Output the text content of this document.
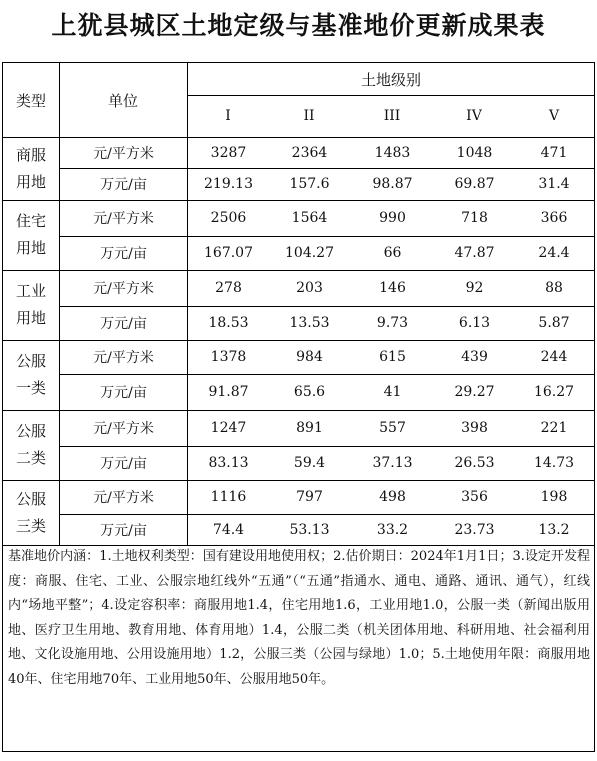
上犹县城区土地定级与基准地价更新成果表
类型	单位
土地级别
I	II	III	IV	V
商服
用地
元/平方米	3287	2364	1483	1048	471
万元/亩	219.13	157.6	98.87	69.87	31.4
住宅
用地
元/平方米	2506	1564	990	718	366
万元/亩	167.07	104.27	66	47.87	24.4
工业
用地
元/平方米	278	203	146	92	88
万元/亩	18.53	13.53	9.73	6.13	5.87
公服
一类
元/平方米	1378	984	615	439	244
万元/亩	91.87	65.6	41	29.27	16.27
公服
二类
元/平方米	1247	891	557	398	221
万元/亩	83.13	59.4	37.13	26.53	14.73
公服
三类
元/平方米	1116	797	498	356	198
万元/亩	74.4	53.13	33.2	23.73	13.2
基准地价内涵：1.土地权利类型：国有建设用地使用权；2.估价期日：2024年1月1日；3.设定开发程度：商服、住宅、工业、公服宗地红线外“五通”（“五通”指通水、通电、通路、通讯、通气），红线内“场地平整”；4.设定容积率：商服用地1.4，住宅用地1.6，工业用地1.0，公服一类（新闻出版用地、医疗卫生用地、教育用地、体育用地）1.4，公服二类（机关团体用地、科研用地、社会福利用地、文化设施用地、公用设施用地）1.2，公服三类（公园与绿地）1.0；5.土地使用年限：商服用地40年、住宅用地70年、工业用地50年、公服用地50年。
